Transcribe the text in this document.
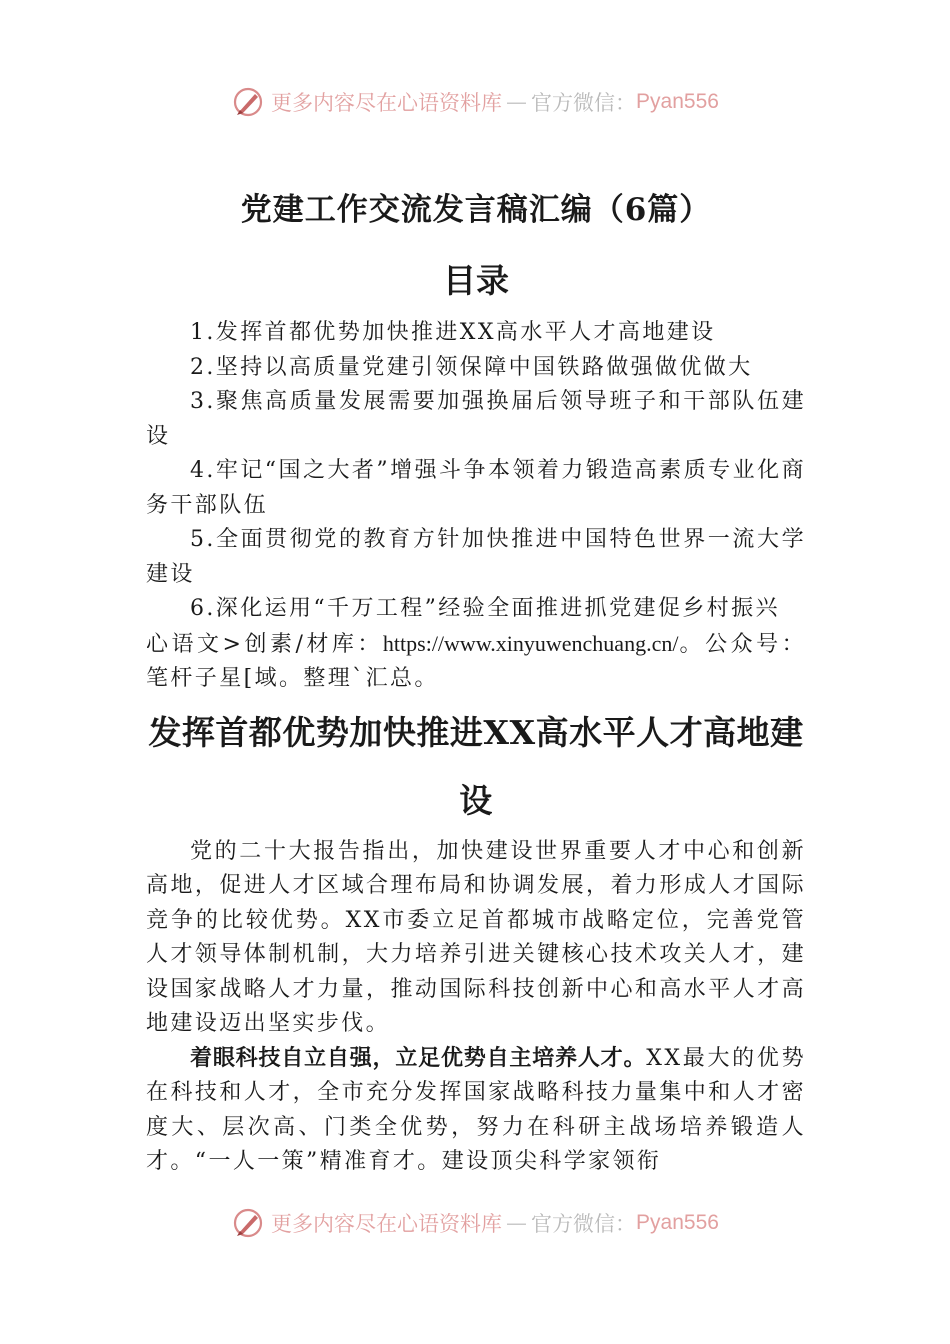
更多内容尽在心语资料库 — 官方微信： Pyan556
党建工作交流发言稿汇编（6篇）
目录

1.发挥首都优势加快推进XX高水平人才高地建设

2.坚持以高质量党建引领保障中国铁路做强做优做大

3.聚焦高质量发展需要加强换届后领导班子和干部队伍建设

4.牢记“国之大者”增强斗争本领着力锻造高素质专业化商务干部队伍

5.全面贯彻党的教育方针加快推进中国特色世界一流大学建设

6.深化运用“千万工程”经验全面推进抓党建促乡村振兴

心语文>创素/材库：https://www.xinyuwenchuang.cn/。公众号：笔杆子星[域。整理`汇总。

发挥首都优势加快推进XX高水平人才高地建设

党的二十大报告指出，加快建设世界重要人才中心和创新高地，促进人才区域合理布局和协调发展，着力形成人才国际竞争的比较优势。XX市委立足首都城市战略定位，完善党管人才领导体制机制，大力培养引进关键核心技术攻关人才，建设国家战略人才力量，推动国际科技创新中心和高水平人才高地建设迈出坚实步伐。

着眼科技自立自强，立足优势自主培养人才。XX最大的优势在科技和人才，全市充分发挥国家战略科技力量集中和人才密度大、层次高、门类全优势，努力在科研主战场培养锻造人才。“一人一策”精准育才。建设顶尖科学家领衔

更多内容尽在心语资料库 — 官方微信： Pyan556
